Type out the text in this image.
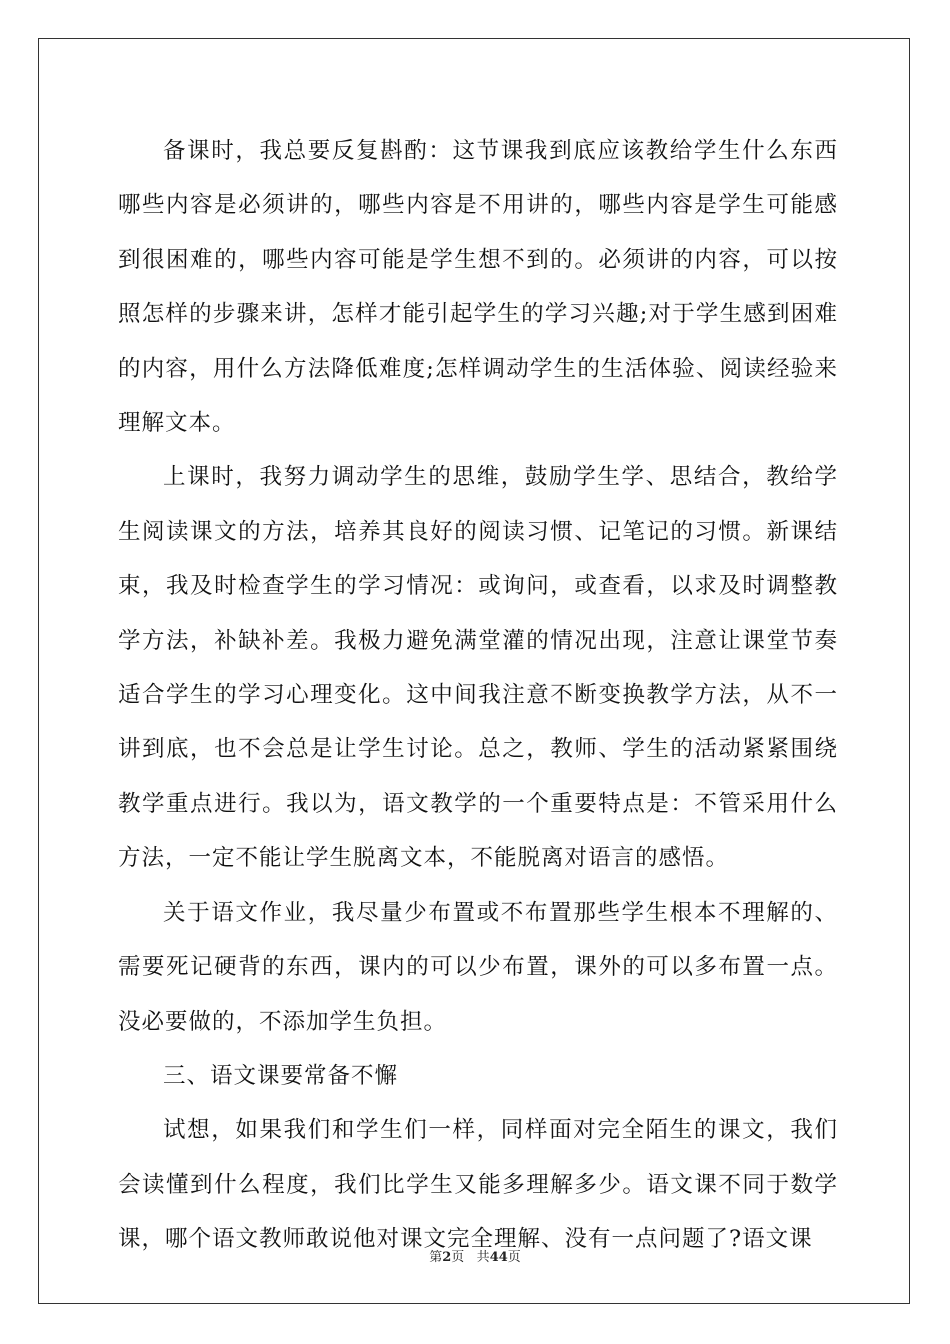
备课时，我总要反复斟酌：这节课我到底应该教给学生什么东西哪些内容是必须讲的，哪些内容是不用讲的，哪些内容是学生可能感到很困难的，哪些内容可能是学生想不到的。必须讲的内容，可以按照怎样的步骤来讲，怎样才能引起学生的学习兴趣;对于学生感到困难的内容，用什么方法降低难度;怎样调动学生的生活体验、阅读经验来理解文本。

上课时，我努力调动学生的思维，鼓励学生学、思结合，教给学生阅读课文的方法，培养其良好的阅读习惯、记笔记的习惯。新课结束，我及时检查学生的学习情况：或询问，或查看，以求及时调整教学方法，补缺补差。我极力避免满堂灌的情况出现，注意让课堂节奏适合学生的学习心理变化。这中间我注意不断变换教学方法，从不一讲到底，也不会总是让学生讨论。总之，教师、学生的活动紧紧围绕教学重点进行。我以为，语文教学的一个重要特点是：不管采用什么方法，一定不能让学生脱离文本，不能脱离对语言的感悟。

关于语文作业，我尽量少布置或不布置那些学生根本不理解的、需要死记硬背的东西，课内的可以少布置，课外的可以多布置一点。没必要做的，不添加学生负担。

三、语文课要常备不懈

试想，如果我们和学生们一样，同样面对完全陌生的课文，我们会读懂到什么程度，我们比学生又能多理解多少。语文课不同于数学课，哪个语文教师敢说他对课文完全理解、没有一点问题了?语文课

第2页 共44页
